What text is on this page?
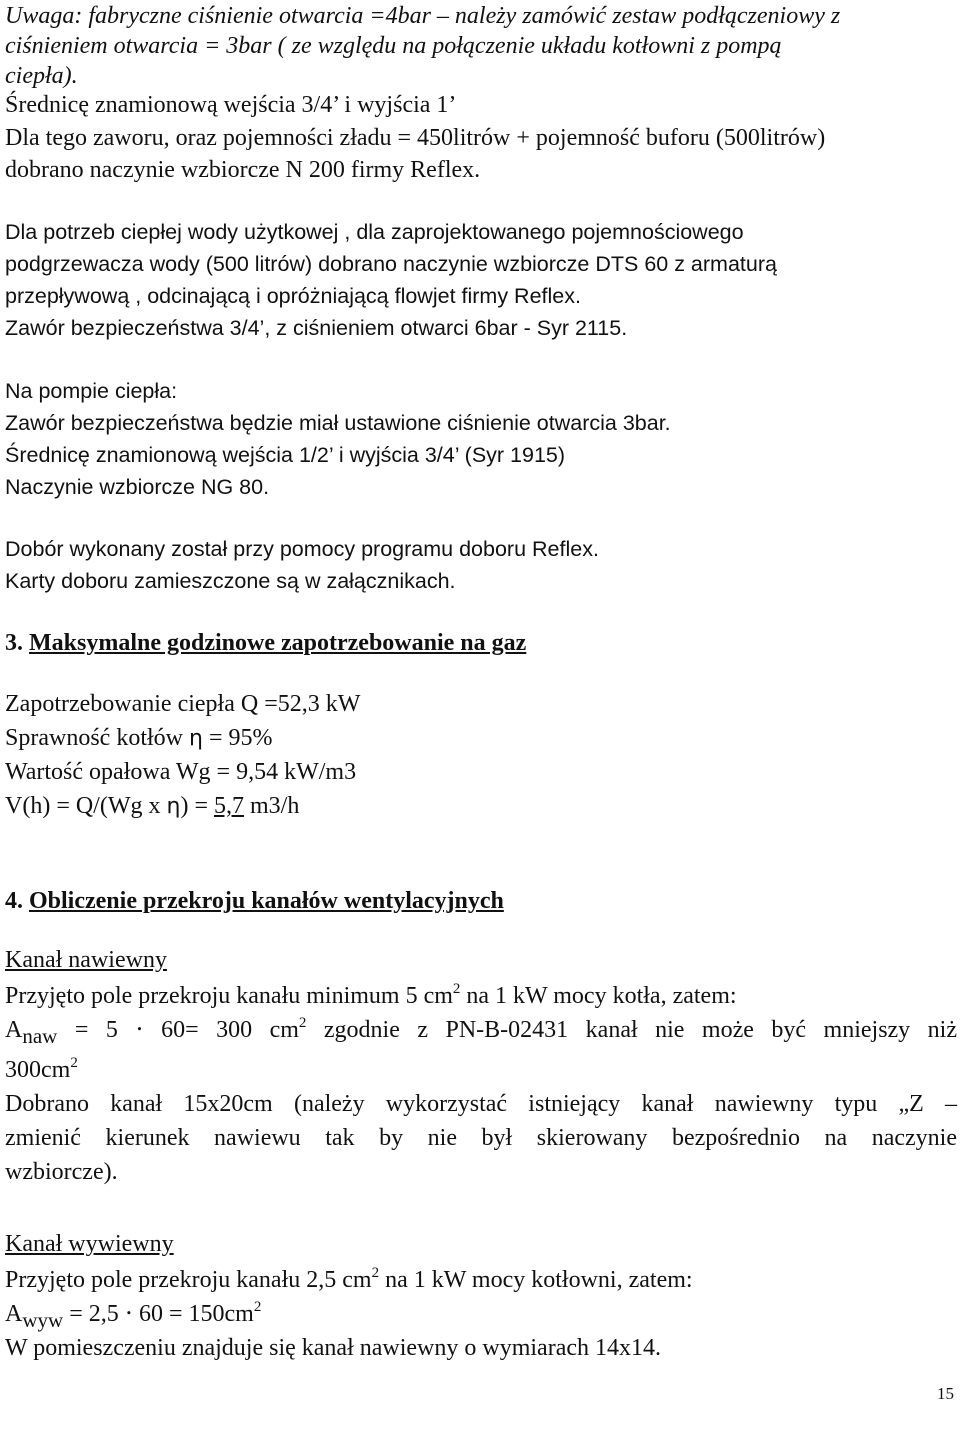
Uwaga: fabryczne ciśnienie otwarcia =4bar – należy zamówić zestaw podłączeniowy z
ciśnieniem otwarcia = 3bar ( ze względu na połączenie układu kotłowni z pompą
ciepła).
Średnicę znamionową wejścia 3/4’ i wyjścia 1’
Dla tego zaworu, oraz pojemności zładu = 450litrów + pojemność buforu (500litrów)
dobrano naczynie wzbiorcze N 200 firmy Reflex.
Dla potrzeb ciepłej wody użytkowej , dla zaprojektowanego pojemnościowego
podgrzewacza wody (500 litrów) dobrano naczynie wzbiorcze DTS 60 z armaturą
przepływową , odcinającą i opróżniającą flowjet firmy Reflex.
Zawór bezpieczeństwa 3/4’, z ciśnieniem otwarci 6bar - Syr 2115.
Na pompie ciepła:
Zawór bezpieczeństwa będzie miał ustawione ciśnienie otwarcia 3bar.
Średnicę znamionową wejścia 1/2’ i wyjścia 3/4’ (Syr 1915)
Naczynie wzbiorcze NG 80.
Dobór wykonany został przy pomocy programu doboru Reflex.
Karty doboru zamieszczone są w załącznikach.
3. Maksymalne godzinowe zapotrzebowanie na gaz
Zapotrzebowanie ciepła Q =52,3 kW
Sprawność kotłów η = 95%
Wartość opałowa Wg = 9,54 kW/m3
V(h) = Q/(Wg x η) = 5,7 m3/h
4. Obliczenie przekroju kanałów wentylacyjnych
Kanał nawiewny
Przyjęto pole przekroju kanału minimum 5 $cm^2$ na 1 kW mocy kotła, zatem:
$A_{naw} = 5 \cdot 60= 300$ $cm^2$ zgodnie z PN-B-02431 kanał nie może być mniejszy niż
$300cm^2$
Dobrano kanał 15x20cm (należy wykorzystać istniejący kanał nawiewny typu „Z –
zmienić kierunek nawiewu tak by nie był skierowany bezpośrednio na naczynie
wzbiorcze).
Kanał wywiewny
Przyjęto pole przekroju kanału 2,5 $cm^2$ na 1 kW mocy kotłowni, zatem:
$A_{wyw} = 2,5 \cdot 60 = 150cm^2$
W pomieszczeniu znajduje się kanał nawiewny o wymiarach 14x14.
15
